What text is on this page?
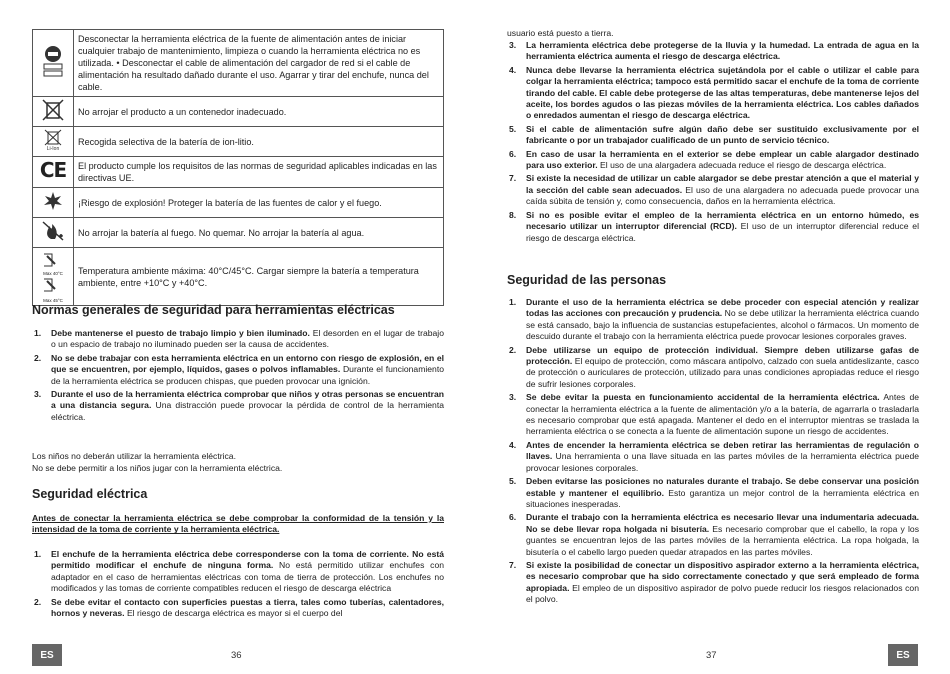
	Desconectar la herramienta eléctrica de la fuente de alimentación antes de iniciar cualquier trabajo de mantenimiento, limpieza o cuando la herramienta eléctrica no es utilizada. • Desconectar el cable de alimentación del cargador de red si el cable de alimentación ha resultado dañado durante el uso. Agarrar y tirar del enchufe, nunca del cable.
	No arrojar el producto a un contenedor inadecuado.

Li-Ion	Recogida selectiva de la batería de ion-litio.
CE	El producto cumple los requisitos de las normas de seguridad aplicables indicadas en las directivas UE.
	¡Riesgo de explosión! Proteger la batería de las fuentes de calor y el fuego.
	No arrojar la batería al fuego. No quemar. No arrojar la batería al agua.

Max 40°C
Max 45°C	Temperatura ambiente máxima: 40°C/45°C. Cargar siempre la batería a temperatura ambiente, entre +10°C y +40°C.
Normas generales de seguridad para herramientas eléctricas
1. Debe mantenerse el puesto de trabajo limpio y bien iluminado. El desorden en el lugar de trabajo o un espacio de trabajo no iluminado pueden ser la causa de accidentes.
2. No se debe trabajar con esta herramienta eléctrica en un entorno con riesgo de explosión, en el que se encuentren, por ejemplo, líquidos, gases o polvos inflamables. Durante el funcionamiento de la herramienta eléctrica se producen chispas, que pueden provocar una ignición.
3. Durante el uso de la herramienta eléctrica comprobar que niños y otras personas se encuentran a una distancia segura. Una distracción puede provocar la pérdida de control de la herramienta eléctrica.

Los niños no deberán utilizar la herramienta eléctrica.

No se debe permitir a los niños jugar con la herramienta eléctrica.

Seguridad eléctrica

Antes de conectar la herramienta eléctrica se debe comprobar la conformidad de la tensión y la intensidad de la toma de corriente y la herramienta eléctrica.

1. El enchufe de la herramienta eléctrica debe corresponderse con la toma de corriente. No está permitido modificar el enchufe de ninguna forma. No está permitido utilizar enchufes con adaptador en el caso de herramientas eléctricas con toma de tierra de protección. Los enchufes no modificados y las tomas de corriente compatibles reducen el riesgo de descarga eléctrica
2. Se debe evitar el contacto con superficies puestas a tierra, tales como tuberías, calentadores, hornos y neveras. El riesgo de descarga eléctrica es mayor si el cuerpo del
ES	36

usuario está puesto a tierra.

3. La herramienta eléctrica debe protegerse de la lluvia y la humedad. La entrada de agua en la herramienta eléctrica aumenta el riesgo de descarga eléctrica.
4. Nunca debe llevarse la herramienta eléctrica sujetándola por el cable o utilizar el cable para colgar la herramienta eléctrica; tampoco está permitido sacar el enchufe de la toma de corriente tirando del cable. El cable debe protegerse de las altas temperaturas, debe mantenerse lejos del aceite, los bordes agudos o las piezas móviles de la herramienta eléctrica. Los cables dañados o enredados aumentan el riesgo de descarga eléctrica.
5. Si el cable de alimentación sufre algún daño debe ser sustituido exclusivamente por el fabricante o por un trabajador cualificado de un punto de servicio técnico.
6. En caso de usar la herramienta en el exterior se debe emplear un cable alargador destinado para uso exterior. El uso de una alargadera adecuada reduce el riesgo de descarga eléctrica.
7. Si existe la necesidad de utilizar un cable alargador se debe prestar atención a que el material y la sección del cable sean adecuados. El uso de una alargadera no adecuada puede provocar una caída súbita de tensión y, como consecuencia, daños en la herramienta eléctrica.
8. Si no es posible evitar el empleo de la herramienta eléctrica en un entorno húmedo, es necesario utilizar un interruptor diferencial (RCD). El uso de un interruptor diferencial reduce el riesgo de descarga eléctrica.
Seguridad de las personas
1. Durante el uso de la herramienta eléctrica se debe proceder con especial atención y realizar todas las acciones con precaución y prudencia. No se debe utilizar la herramienta eléctrica cuando se está cansado, bajo la influencia de sustancias estupefacientes, alcohol o fármacos. Un momento de descuido durante el trabajo con la herramienta eléctrica puede provocar lesiones corporales graves.
2. Debe utilizarse un equipo de protección individual. Siempre deben utilizarse gafas de protección. El equipo de protección, como máscara antipolvo, calzado con suela antideslizante, casco de protección o auriculares de protección, utilizado para unas condiciones apropiadas reduce el riesgo de sufrir lesiones corporales.
3. Se debe evitar la puesta en funcionamiento accidental de la herramienta eléctrica. Antes de conectar la herramienta eléctrica a la fuente de alimentación y/o a la batería, de agarrarla o trasladarla es necesario comprobar que está apagada. Mantener el dedo en el interruptor mientras se traslada la herramienta eléctrica o se conecta a la fuente de alimentación supone un riesgo de accidentes.
4. Antes de encender la herramienta eléctrica se deben retirar las herramientas de regulación o llaves. Una herramienta o una llave situada en las partes móviles de la herramienta eléctrica puede provocar lesiones corporales.
5. Deben evitarse las posiciones no naturales durante el trabajo. Se debe conservar una posición estable y mantener el equilibrio. Esto garantiza un mejor control de la herramienta eléctrica en situaciones inesperadas.
6. Durante el trabajo con la herramienta eléctrica es necesario llevar una indumentaria adecuada. No se debe llevar ropa holgada ni bisutería. Es necesario comprobar que el cabello, la ropa y los guantes se encuentran lejos de las partes móviles de la herramienta eléctrica. La ropa holgada, la bisutería o el cabello largo pueden quedar atrapados en las partes móviles.
7. Si existe la posibilidad de conectar un dispositivo aspirador externo a la herramienta eléctrica, es necesario comprobar que ha sido correctamente conectado y que será empleado de forma apropiada. El empleo de un dispositivo aspirador de polvo puede reducir los riesgos relacionados con el polvo.
37	ES
